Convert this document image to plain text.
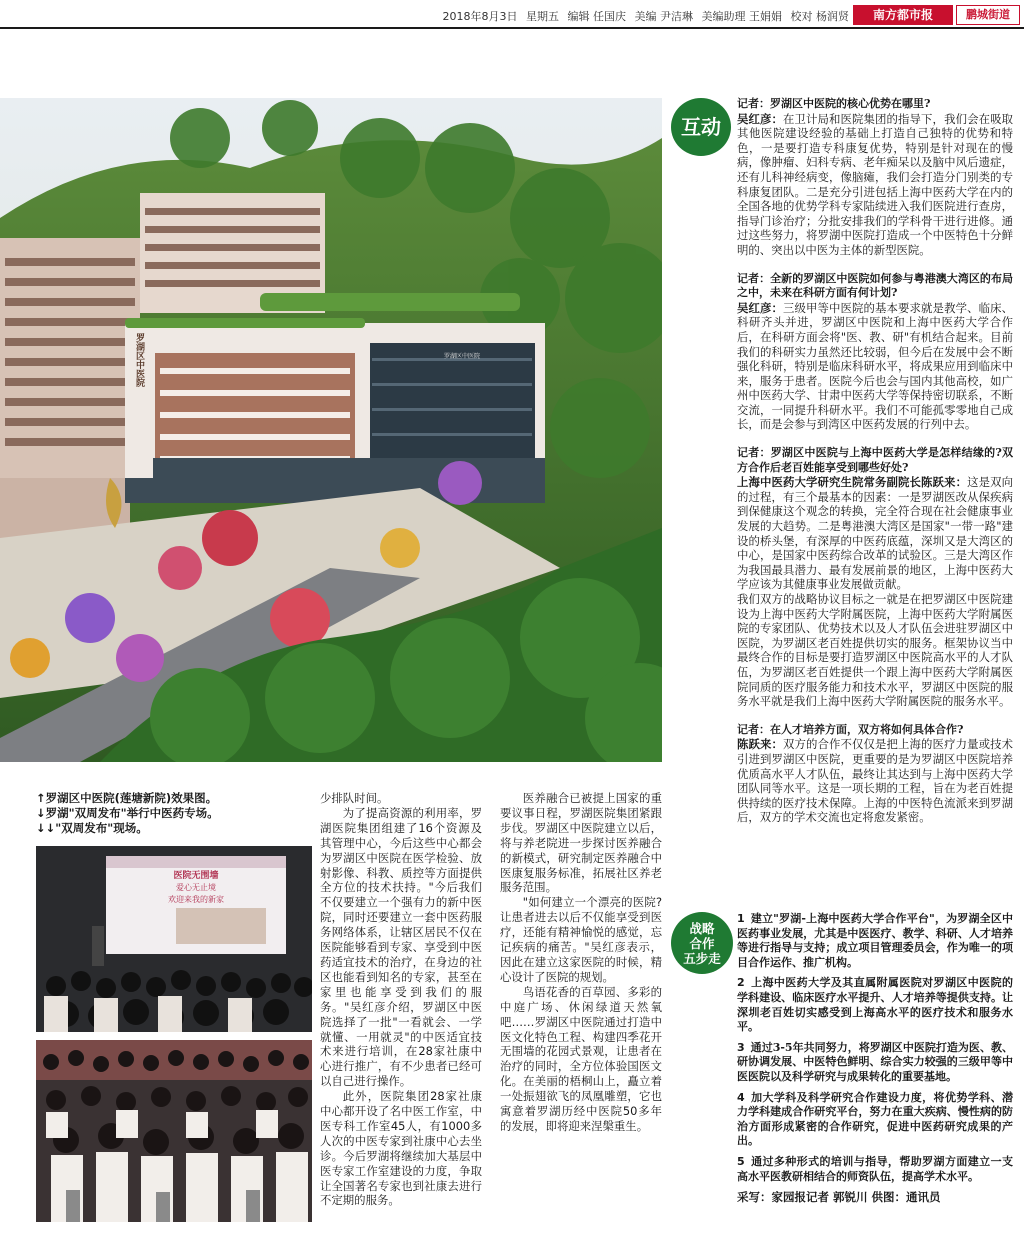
2018年8月3日 星期五 编辑 任国庆 美编 尹洁琳 美编助理 王娟娟 校对 杨润贤	南方都市报	鹏城街道
罗湖区中医院	罗湖区中医院
↑罗湖区中医院(莲塘新院)效果图。
↓罗湖"双周发布"举行中医药专场。
↓↓"双周发布"现场。
医院无围墙
爱心无止境
欢迎来我的新家

少排队时间。

为了提高资源的利用率，罗湖医院集团组建了16个资源及其管理中心，今后这些中心都会为罗湖区中医院在医学检验、放射影像、科教、质控等方面提供全方位的技术扶持。"今后我们不仅要建立一个强有力的新中医院，同时还要建立一套中医药服务网络体系，让辖区居民不仅在医院能够看到专家、享受到中医药适宜技术的治疗，在身边的社区也能看到知名的专家，甚至在家里也能享受到我们的服务。"吴红彦介绍，罗湖区中医院选择了一批"一看就会、一学就懂、一用就灵"的中医适宜技术来进行培训，在28家社康中心进行推广，有不少患者已经可以自己进行操作。

此外，医院集团28家社康中心都开设了名中医工作室，中医专科工作室45人，有1000多人次的中医专家到社康中心去坐诊。今后罗湖将继续加大基层中医专家工作室建设的力度，争取让全国著名专家也到社康去进行不定期的服务。

医养融合已被提上国家的重要议事日程，罗湖医院集团紧跟步伐。罗湖区中医院建立以后，将与养老院进一步探讨医养融合的新模式，研究制定医养融合中医康复服务标准，拓展社区养老服务范围。

"如何建立一个漂亮的医院?让患者进去以后不仅能享受到医疗，还能有精神愉悦的感觉，忘记疾病的痛苦。"吴红彦表示，因此在建立这家医院的时候，精心设计了医院的规划。

鸟语花香的百草园、多彩的中庭广场、休闲绿道天然氧吧……罗湖区中医院通过打造中医文化特色工程、构建四季花开无围墙的花园式景观，让患者在治疗的同时，全方位体验国医文化。在美丽的梧桐山上，矗立着一处振翅欲飞的凤凰雕塑，它也寓意着罗湖历经中医院50多年的发展，即将迎来涅槃重生。

互动

记者：罗湖区中医院的核心优势在哪里?

吴红彦：在卫计局和医院集团的指导下，我们会在吸取其他医院建设经验的基础上打造自己独特的优势和特色，一是要打造专科康复优势，特别是针对现在的慢病，像肿瘤、妇科专病、老年痴呆以及脑中风后遗症，还有儿科神经病变，像脑瘫，我们会打造分门别类的专科康复团队。二是充分引进包括上海中医药大学在内的全国各地的优势学科专家陆续进入我们医院进行查房，指导门诊治疗；分批安排我们的学科骨干进行进修。通过这些努力，将罗湖中医院打造成一个中医特色十分鲜明的、突出以中医为主体的新型医院。

记者：全新的罗湖区中医院如何参与粤港澳大湾区的布局之中，未来在科研方面有何计划?

吴红彦：三级甲等中医院的基本要求就是教学、临床、科研齐头并进，罗湖区中医院和上海中医药大学合作后，在科研方面会将"医、教、研"有机结合起来。目前我们的科研实力虽然还比较弱，但今后在发展中会不断强化科研，特别是临床科研水平，将成果应用到临床中来，服务于患者。医院今后也会与国内其他高校，如广州中医药大学、甘肃中医药大学等保持密切联系，不断交流，一同提升科研水平。我们不可能孤零零地自己成长，而是会参与到湾区中医药发展的行列中去。

记者：罗湖区中医院与上海中医药大学是怎样结缘的?双方合作后老百姓能享受到哪些好处?

上海中医药大学研究生院常务副院长陈跃来：这是双向的过程，有三个最基本的因素：一是罗湖医改从保疾病到保健康这个观念的转换，完全符合现在社会健康事业发展的大趋势。二是粤港澳大湾区是国家"一带一路"建设的桥头堡，有深厚的中医药底蕴，深圳又是大湾区的中心，是国家中医药综合改革的试验区。三是大湾区作为我国最具潜力、最有发展前景的地区，上海中医药大学应该为其健康事业发展做贡献。

我们双方的战略协议目标之一就是在把罗湖区中医院建设为上海中医药大学附属医院，上海中医药大学附属医院的专家团队、优势技术以及人才队伍会进驻罗湖区中医院，为罗湖区老百姓提供切实的服务。框架协议当中最终合作的目标是要打造罗湖区中医院高水平的人才队伍，为罗湖区老百姓提供一个跟上海中医药大学附属医院同质的医疗服务能力和技术水平，罗湖区中医院的服务水平就是我们上海中医药大学附属医院的服务水平。

记者：在人才培养方面，双方将如何具体合作?

陈跃来：双方的合作不仅仅是把上海的医疗力量或技术引进到罗湖区中医院，更重要的是为罗湖区中医院培养优质高水平人才队伍，最终让其达到与上海中医药大学团队同等水平。这是一项长期的工程，旨在为老百姓提供持续的医疗技术保障。上海的中医特色流派来到罗湖后，双方的学术交流也定将愈发紧密。

战略
合作
五步走
1 建立"罗湖-上海中医药大学合作平台"，为罗湖全区中医药事业发展，尤其是中医医疗、教学、科研、人才培养等进行指导与支持；成立项目管理委员会，作为唯一的项目合作运作、推广机构。
2 上海中医药大学及其直属附属医院对罗湖区中医院的学科建设、临床医疗水平提升、人才培养等提供支持。让深圳老百姓切实感受到上海高水平的医疗技术和服务水平。
3 通过3-5年共同努力，将罗湖区中医院打造为医、教、研协调发展、中医特色鲜明、综合实力较强的三级甲等中医医院以及科学研究与成果转化的重要基地。
4 加大学科及科学研究合作建设力度，将优势学科、潜力学科建成合作研究平台，努力在重大疾病、慢性病的防治方面形成紧密的合作研究，促进中医药研究成果的产出。
5 通过多种形式的培训与指导，帮助罗湖方面建立一支高水平医教研相结合的师资队伍，提高学术水平。
采写：家园报记者 郭锐川 供图：通讯员
